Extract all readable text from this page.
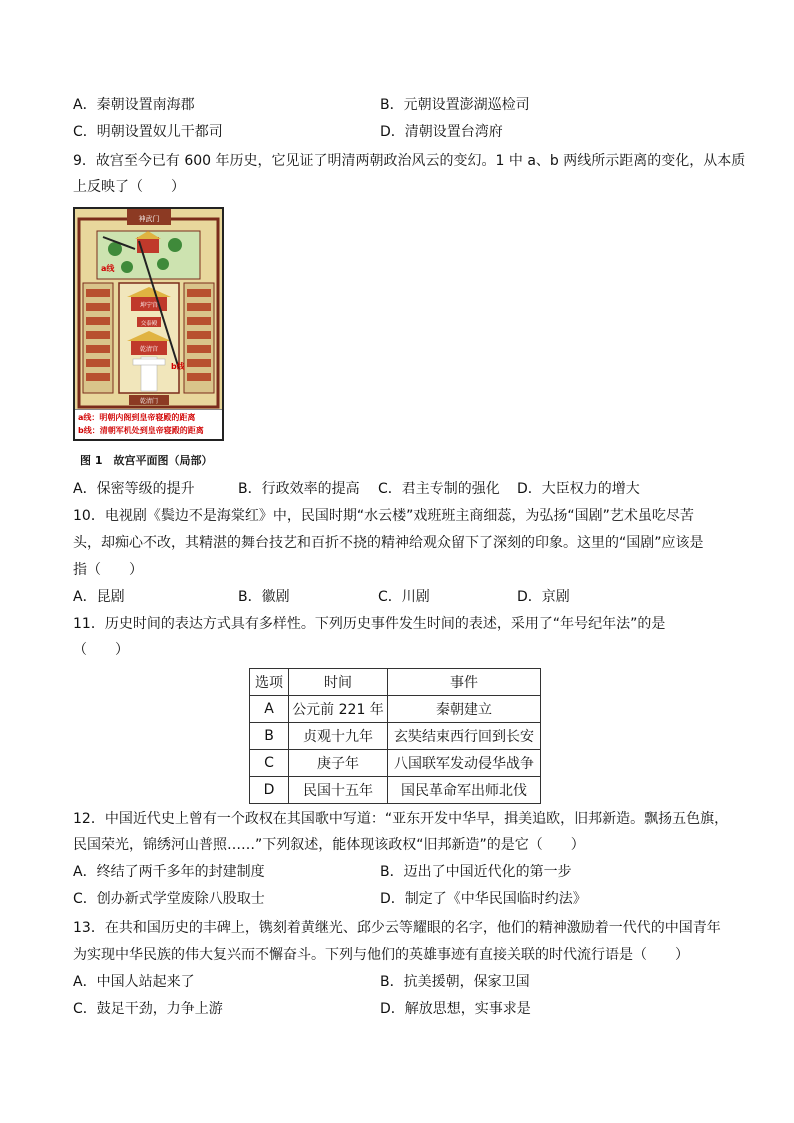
A．秦朝设置南海郡	B．元朝设置澎湖巡检司
C．明朝设置奴儿干都司	D．清朝设置台湾府
9．故宫至今已有 600 年历史，它见证了明清两朝政治风云的变幻。1 中 a、b 两线所示距离的变化，从本质
上反映了（　　）
神武门
坤宁宫
交泰殿
乾清宫
乾清门
a线
b线
a线：明朝内阁到皇帝寝殿的距离
b线：清朝军机处到皇帝寝殿的距离
图 1　故宫平面图（局部）
A．保密等级的提升	B．行政效率的提高 C．君主专制的强化 D．大臣权力的增大
10．电视剧《鬓边不是海棠红》中，民国时期“水云楼”戏班班主商细蕊，为弘扬“国剧”艺术虽吃尽苦
头，却痴心不改，其精湛的舞台技艺和百折不挠的精神给观众留下了深刻的印象。这里的“国剧”应该是
指（　　）
A．昆剧	B．徽剧	C．川剧	D．京剧
11．历史时间的表达方式具有多样性。下列历史事件发生时间的表述，采用了“年号纪年法”的是
（　　）
选项	时间	事件
A	公元前 221 年	秦朝建立
B	贞观十九年	玄奘结束西行回到长安
C	庚子年	八国联军发动侵华战争
D	民国十五年	国民革命军出师北伐
12．中国近代史上曾有一个政权在其国歌中写道：“亚东开发中华早，揖美追欧，旧邦新造。飘扬五色旗，
民国荣光，锦绣河山普照……”下列叙述，能体现该政权“旧邦新造”的是它（　　）
A．终结了两千多年的封建制度	B．迈出了中国近代化的第一步
C．创办新式学堂废除八股取士	D．制定了《中华民国临时约法》
13．在共和国历史的丰碑上，镌刻着黄继光、邱少云等耀眼的名字，他们的精神激励着一代代的中国青年
为实现中华民族的伟大复兴而不懈奋斗。下列与他们的英雄事迹有直接关联的时代流行语是（　　）
A．中国人站起来了	B．抗美援朝，保家卫国
C．鼓足干劲，力争上游	D．解放思想，实事求是
